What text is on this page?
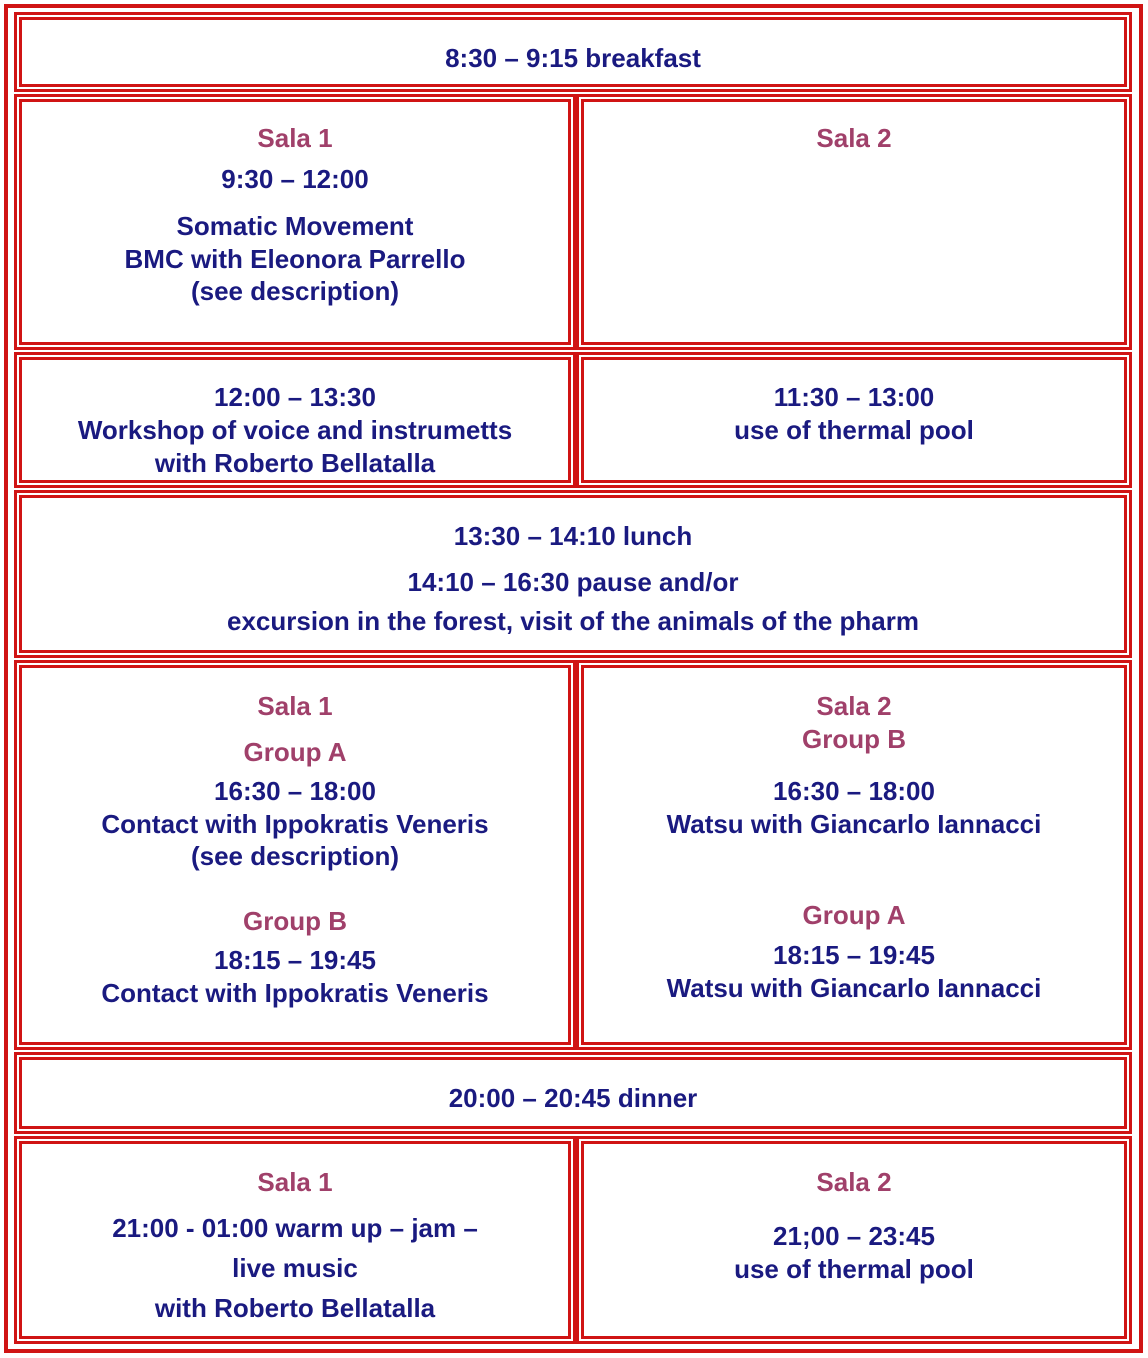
8:30 – 9:15 breakfast
Sala 1
9:30 – 12:00
Somatic Movement
BMC with Eleonora Parrello
(see description)
Sala 2
12:00 – 13:30
Workshop of voice and instrumetts
with Roberto Bellatalla
11:30 – 13:00
use of thermal pool
13:30 – 14:10 lunch
14:10 – 16:30 pause and/or
excursion in the forest, visit of the animals of the pharm
Sala 1
Group A
16:30 – 18:00
Contact with Ippokratis Veneris
(see description)
Group B
18:15 – 19:45
Contact with Ippokratis Veneris
Sala 2
Group B
16:30 – 18:00
Watsu with Giancarlo Iannacci
Group A
18:15 – 19:45
Watsu with Giancarlo Iannacci
20:00 – 20:45 dinner
Sala 1
21:00 - 01:00 warm up – jam –
live music
with Roberto Bellatalla
Sala 2
21;00 – 23:45
use of thermal pool
